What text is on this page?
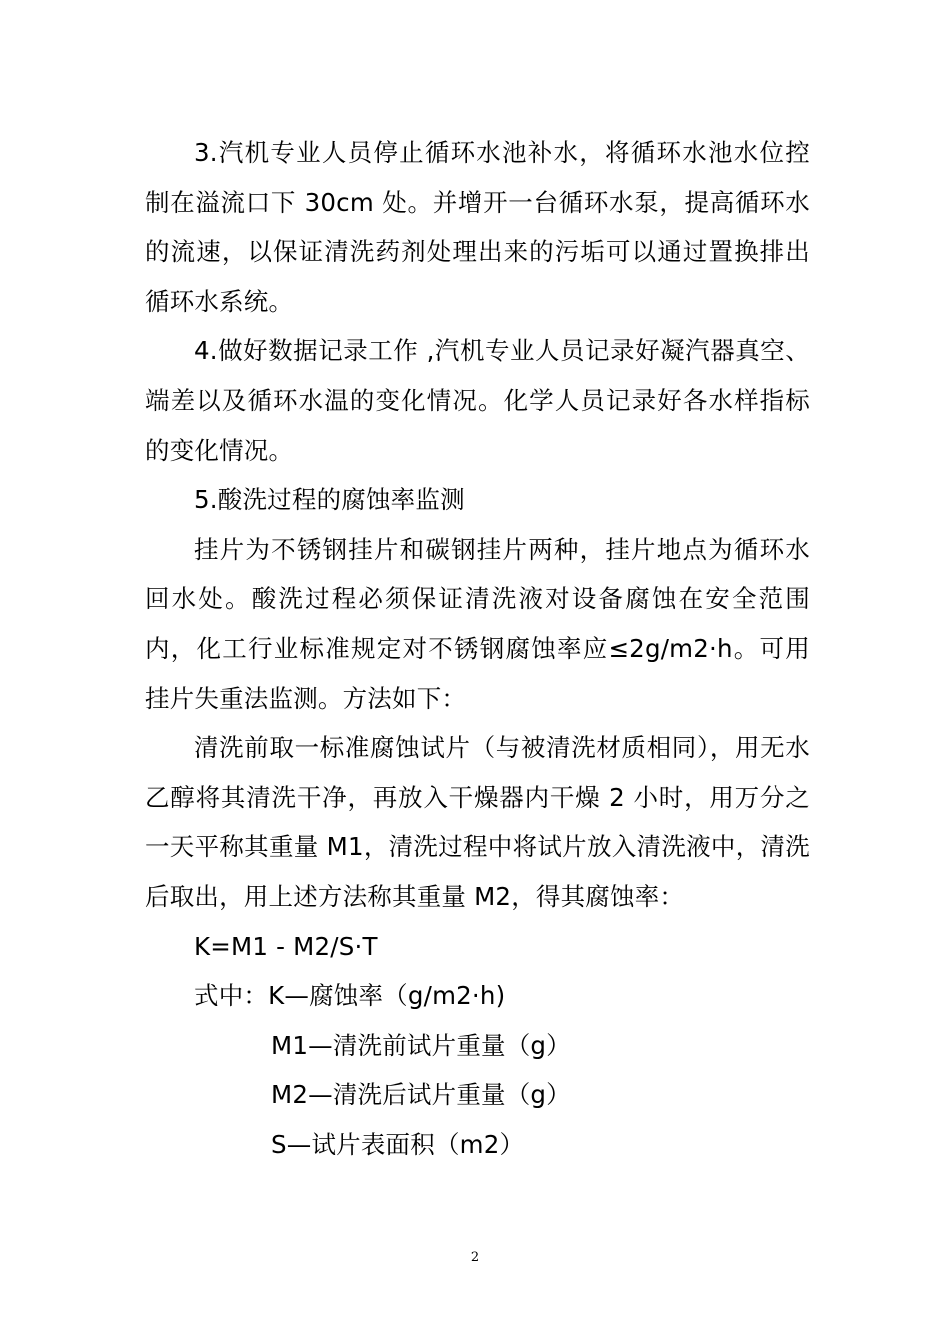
3.汽机专业人员停止循环水池补水，将循环水池水位控制在溢流口下 30cm 处。并增开一台循环水泵，提高循环水的流速，以保证清洗药剂处理出来的污垢可以通过置换排出循环水系统。

4.做好数据记录工作 ,汽机专业人员记录好凝汽器真空、端差以及循环水温的变化情况。化学人员记录好各水样指标的变化情况。

5.酸洗过程的腐蚀率监测

挂片为不锈钢挂片和碳钢挂片两种，挂片地点为循环水回水处。酸洗过程必须保证清洗液对设备腐蚀在安全范围内，化工行业标准规定对不锈钢腐蚀率应≤2g/m2·h。可用挂片失重法监测。方法如下：

清洗前取一标准腐蚀试片（与被清洗材质相同），用无水乙醇将其清洗干净，再放入干燥器内干燥 2 小时，用万分之一天平称其重量 M1，清洗过程中将试片放入清洗液中，清洗后取出，用上述方法称其重量 M2，得其腐蚀率：

K=M1 - M2/S·T

式中：K—腐蚀率（g/m2·h)

M1—清洗前试片重量（g）

M2—清洗后试片重量（g）

S—试片表面积（m2）

2
